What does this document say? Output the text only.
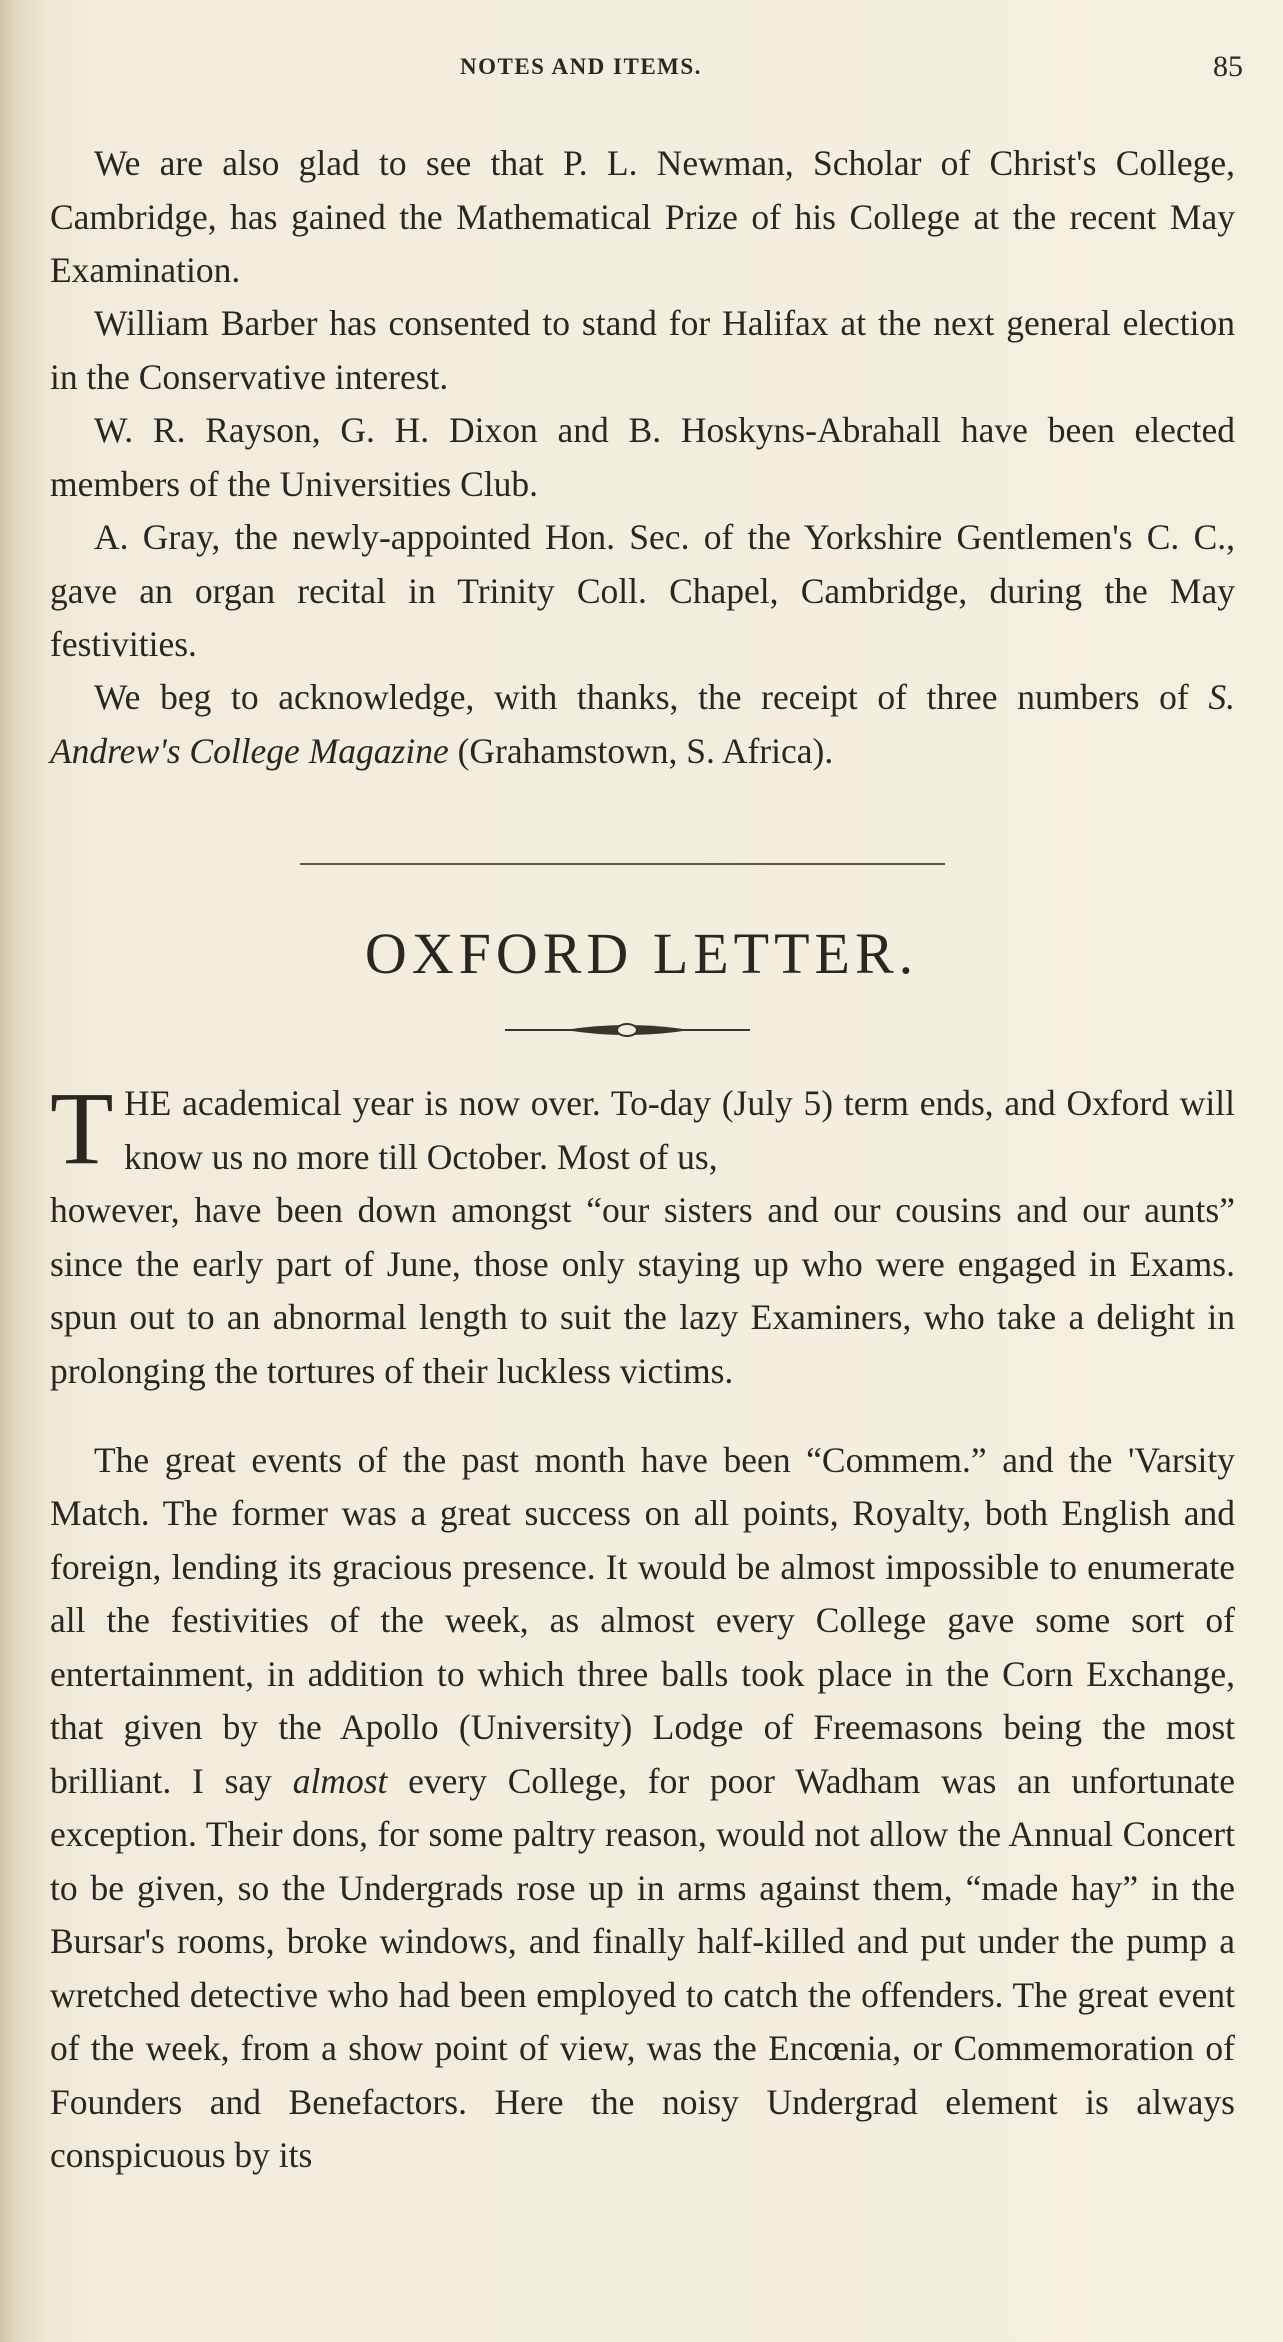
NOTES AND ITEMS.	85

We are also glad to see that P. L. Newman, Scholar of Christ's College, Cambridge, has gained the Mathematical Prize of his College at the recent May Examination.

William Barber has consented to stand for Halifax at the next general election in the Conservative interest.

W. R. Rayson, G. H. Dixon and B. Hoskyns-Abrahall have been elected members of the Universities Club.

A. Gray, the newly-appointed Hon. Sec. of the Yorkshire Gentlemen's C. C., gave an organ recital in Trinity Coll. Chapel, Cambridge, during the May festivities.

We beg to acknowledge, with thanks, the receipt of three numbers of S. Andrew's College Magazine (Grahamstown, S. Africa).

OXFORD LETTER.
T HE academical year is now over. To-day (July 5) term ends, and Oxford will know us no more till October. Most of us,
however, have been down amongst “our sisters and our cousins and our aunts” since the early part of June, those only staying up who were engaged in Exams. spun out to an abnormal length to suit the lazy Examiners, who take a delight in prolonging the tortures of their luckless victims.

The great events of the past month have been “Commem.” and the 'Varsity Match. The former was a great success on all points, Royalty, both English and foreign, lending its gracious presence. It would be almost impossible to enumerate all the festivities of the week, as almost every College gave some sort of entertainment, in addition to which three balls took place in the Corn Exchange, that given by the Apollo (University) Lodge of Freemasons being the most brilliant. I say almost every College, for poor Wadham was an unfortunate exception. Their dons, for some paltry reason, would not allow the Annual Concert to be given, so the Undergrads rose up in arms against them, “made hay” in the Bursar's rooms, broke windows, and finally half-killed and put under the pump a wretched detective who had been employed to catch the offenders. The great event of the week, from a show point of view, was the Encœnia, or Commemoration of Founders and Benefactors. Here the noisy Undergrad element is always conspicuous by its
